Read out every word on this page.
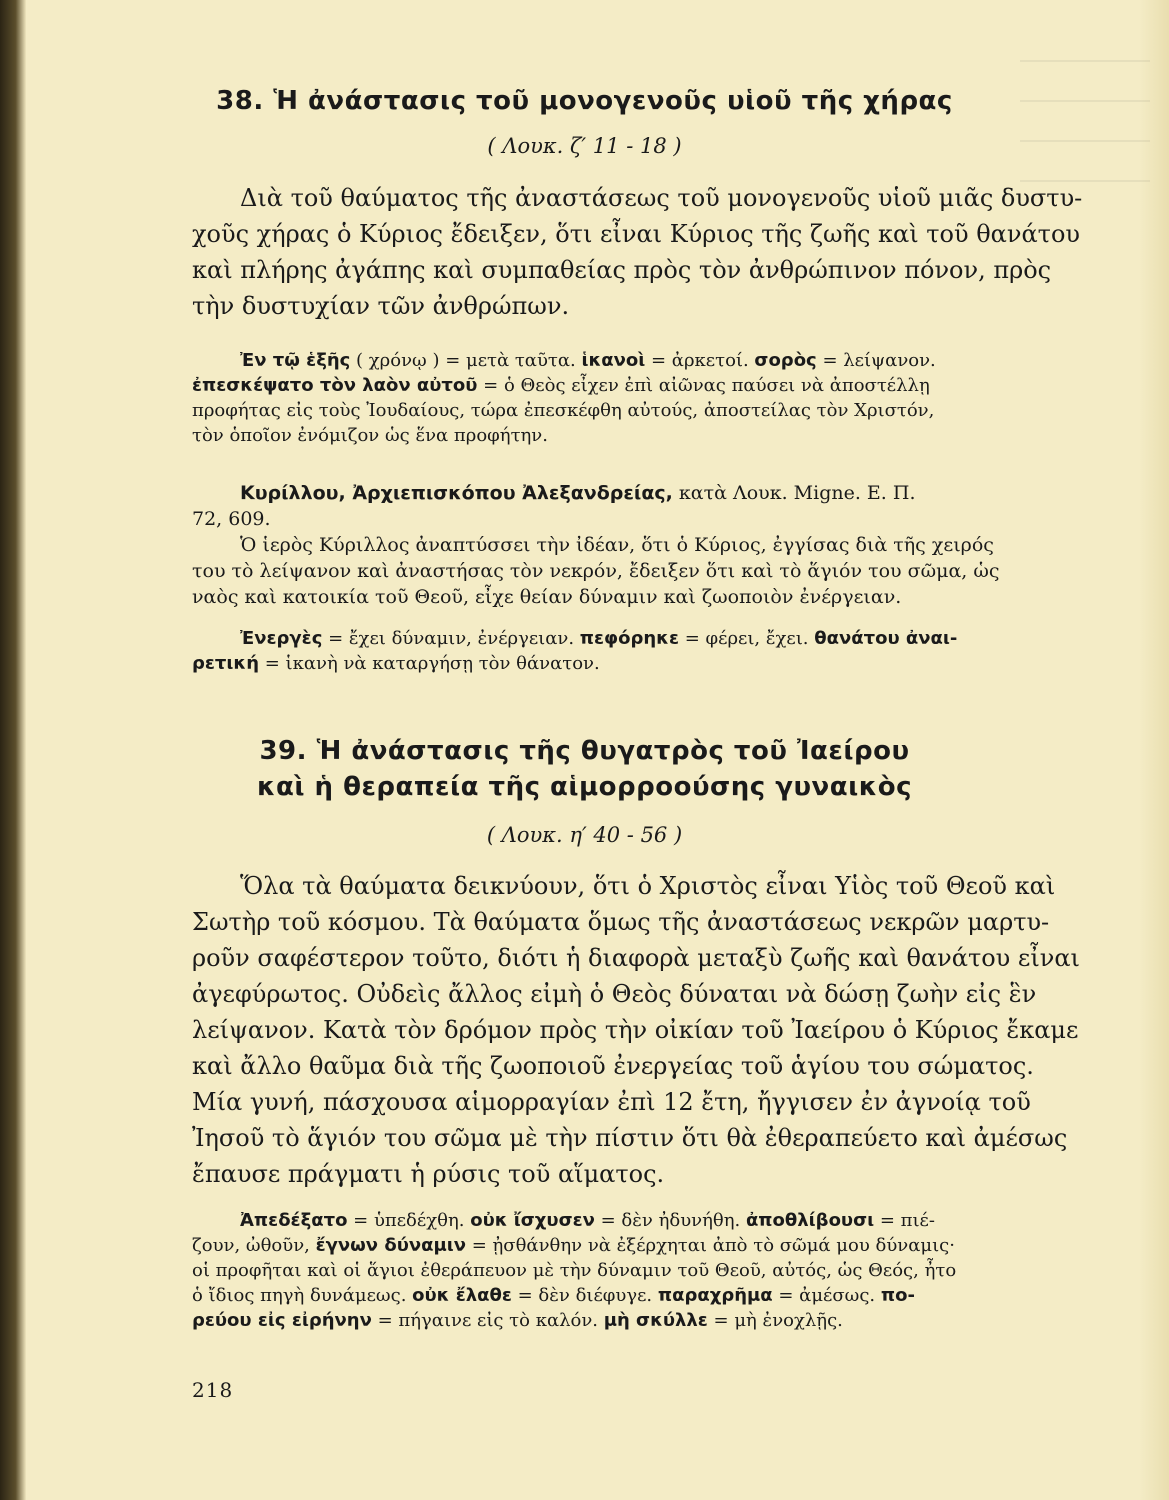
38. Ἡ ἀνάστασις τοῦ μονογενοῦς υἱοῦ τῆς χήρας
( Λουκ. ζ′ 11 - 18 )
Διὰ τοῦ θαύματος τῆς ἀναστάσεως τοῦ μονογενοῦς υἱοῦ μιᾶς δυστυ-
χοῦς χήρας ὁ Κύριος ἔδειξεν, ὅτι εἶναι Κύριος τῆς ζωῆς καὶ τοῦ θανάτου
καὶ πλήρης ἀγάπης καὶ συμπαθείας πρὸς τὸν ἀνθρώπινον πόνον, πρὸς
τὴν δυστυχίαν τῶν ἀνθρώπων.
Ἐν τῷ ἑξῆς ( χρόνῳ ) = μετὰ ταῦτα. ἱκανοὶ = ἀρκετοί. σορὸς = λείψανον.
ἐπεσκέψατο τὸν λαὸν αὐτοῦ = ὁ Θεὸς εἶχεν ἐπὶ αἰῶνας παύσει νὰ ἀποστέλλῃ
προφήτας εἰς τοὺς Ἰουδαίους, τώρα ἐπεσκέφθη αὐτούς, ἀποστείλας τὸν Χριστόν,
τὸν ὁποῖον ἐνόμιζον ὡς ἕνα προφήτην.
Κυρίλλου, Ἀρχιεπισκόπου Ἀλεξανδρείας, κατὰ Λουκ. Migne. Ε. Π.
72, 609.
Ὁ ἱερὸς Κύριλλος ἀναπτύσσει τὴν ἰδέαν, ὅτι ὁ Κύριος, ἐγγίσας διὰ τῆς χειρός
του τὸ λείψανον καὶ ἀναστήσας τὸν νεκρόν, ἔδειξεν ὅτι καὶ τὸ ἅγιόν του σῶμα, ὡς
ναὸς καὶ κατοικία τοῦ Θεοῦ, εἶχε θείαν δύναμιν καὶ ζωοποιὸν ἐνέργειαν.
Ἐνεργὲς = ἔχει δύναμιν, ἐνέργειαν. πεφόρηκε = φέρει, ἔχει. θανάτου ἀναι-
ρετική = ἱκανὴ νὰ καταργήσῃ τὸν θάνατον.
39. Ἡ ἀνάστασις τῆς θυγατρὸς τοῦ Ἰαείρου
καὶ ἡ θεραπεία τῆς αἱμορροούσης γυναικὸς
( Λουκ. η′ 40 - 56 )
Ὅλα τὰ θαύματα δεικνύουν, ὅτι ὁ Χριστὸς εἶναι Υἱὸς τοῦ Θεοῦ καὶ
Σωτὴρ τοῦ κόσμου. Τὰ θαύματα ὅμως τῆς ἀναστάσεως νεκρῶν μαρτυ-
ροῦν σαφέστερον τοῦτο, διότι ἡ διαφορὰ μεταξὺ ζωῆς καὶ θανάτου εἶναι
ἀγεφύρωτος. Οὐδεὶς ἄλλος εἰμὴ ὁ Θεὸς δύναται νὰ δώσῃ ζωὴν εἰς ἓν
λείψανον. Κατὰ τὸν δρόμον πρὸς τὴν οἰκίαν τοῦ Ἰαείρου ὁ Κύριος ἔκαμε
καὶ ἄλλο θαῦμα διὰ τῆς ζωοποιοῦ ἐνεργείας τοῦ ἁγίου του σώματος.
Μία γυνή, πάσχουσα αἱμορραγίαν ἐπὶ 12 ἔτη, ἤγγισεν ἐν ἀγνοίᾳ τοῦ
Ἰησοῦ τὸ ἅγιόν του σῶμα μὲ τὴν πίστιν ὅτι θὰ ἐθεραπεύετο καὶ ἀμέσως
ἔπαυσε πράγματι ἡ ρύσις τοῦ αἵματος.
Ἀπεδέξατο = ὑπεδέχθη. οὐκ ἴσχυσεν = δὲν ἠδυνήθη. ἀποθλίβουσι = πιέ-
ζουν, ὠθοῦν, ἔγνων δύναμιν = ᾐσθάνθην νὰ ἐξέρχηται ἀπὸ τὸ σῶμά μου δύναμις·
οἱ προφῆται καὶ οἱ ἅγιοι ἐθεράπευον μὲ τὴν δύναμιν τοῦ Θεοῦ, αὐτός, ὡς Θεός, ἦτο
ὁ ἴδιος πηγὴ δυνάμεως. οὐκ ἔλαθε = δὲν διέφυγε. παραχρῆμα = ἀμέσως. πο-
ρεύου εἰς εἰρήνην = πήγαινε εἰς τὸ καλόν. μὴ σκύλλε = μὴ ἐνοχλῇς.
218
